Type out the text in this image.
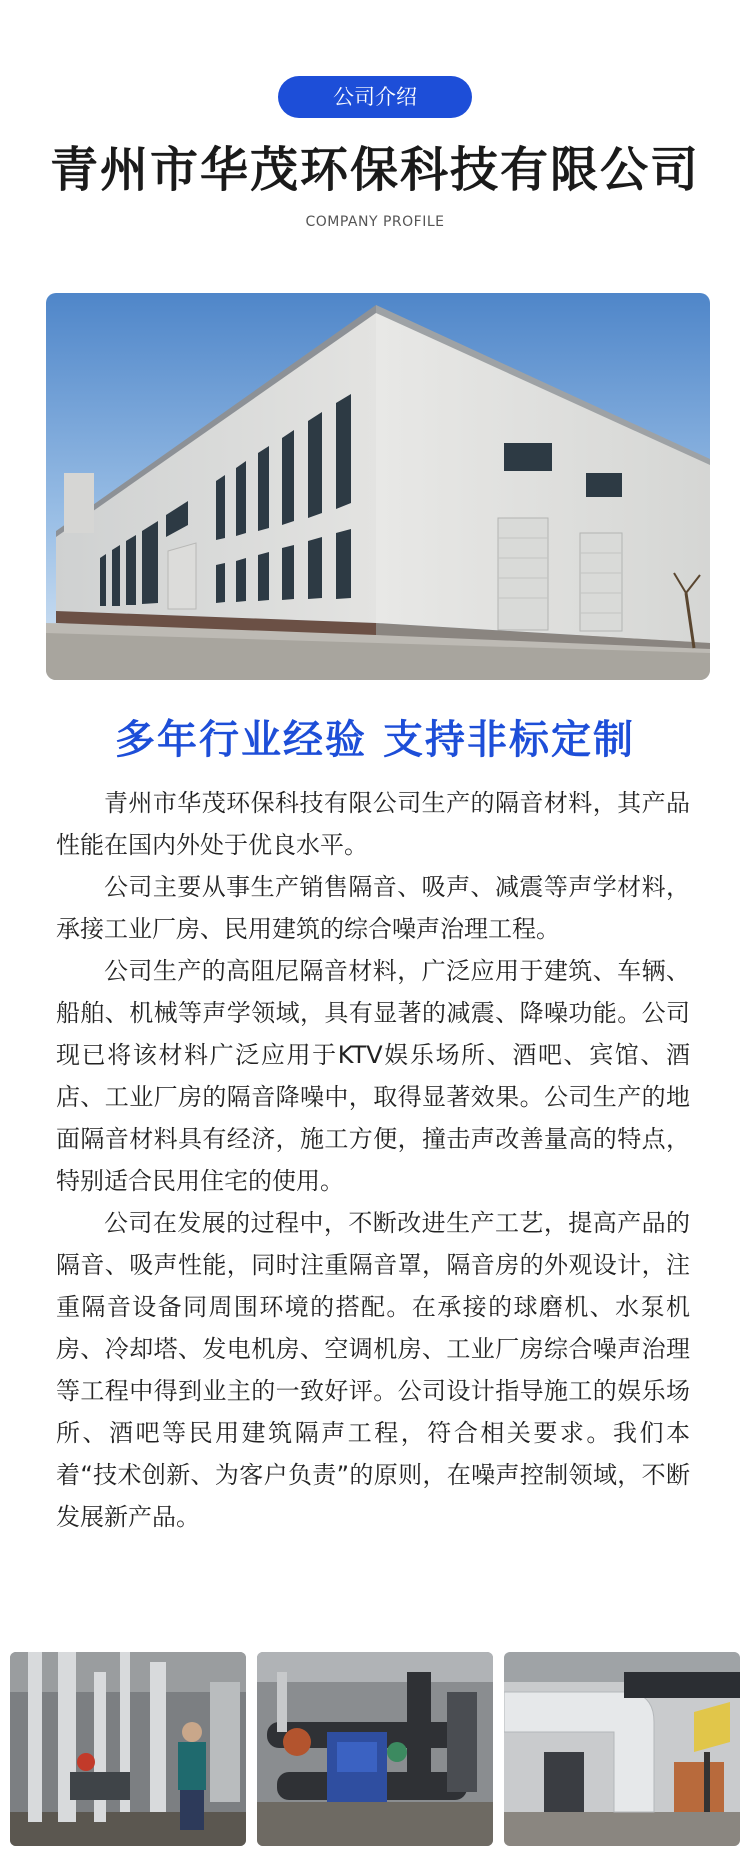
公司介绍
青州市华茂环保科技有限公司
COMPANY PROFILE
多年行业经验 支持非标定制

青州市华茂环保科技有限公司生产的隔音材料，其产品性能在国内外处于优良水平。

公司主要从事生产销售隔音、吸声、减震等声学材料，承接工业厂房、民用建筑的综合噪声治理工程。

公司生产的高阻尼隔音材料，广泛应用于建筑、车辆、船舶、机械等声学领域，具有显著的减震、降噪功能。公司现已将该材料广泛应用于KTV娱乐场所、酒吧、宾馆、酒店、工业厂房的隔音降噪中，取得显著效果。公司生产的地面隔音材料具有经济，施工方便，撞击声改善量高的特点，特别适合民用住宅的使用。

公司在发展的过程中，不断改进生产工艺，提高产品的隔音、吸声性能，同时注重隔音罩，隔音房的外观设计，注重隔音设备同周围环境的搭配。在承接的球磨机、水泵机房、冷却塔、发电机房、空调机房、工业厂房综合噪声治理等工程中得到业主的一致好评。公司设计指导施工的娱乐场所、酒吧等民用建筑隔声工程，符合相关要求。我们本着“技术创新、为客户负责”的原则，在噪声控制领域，不断发展新产品。
